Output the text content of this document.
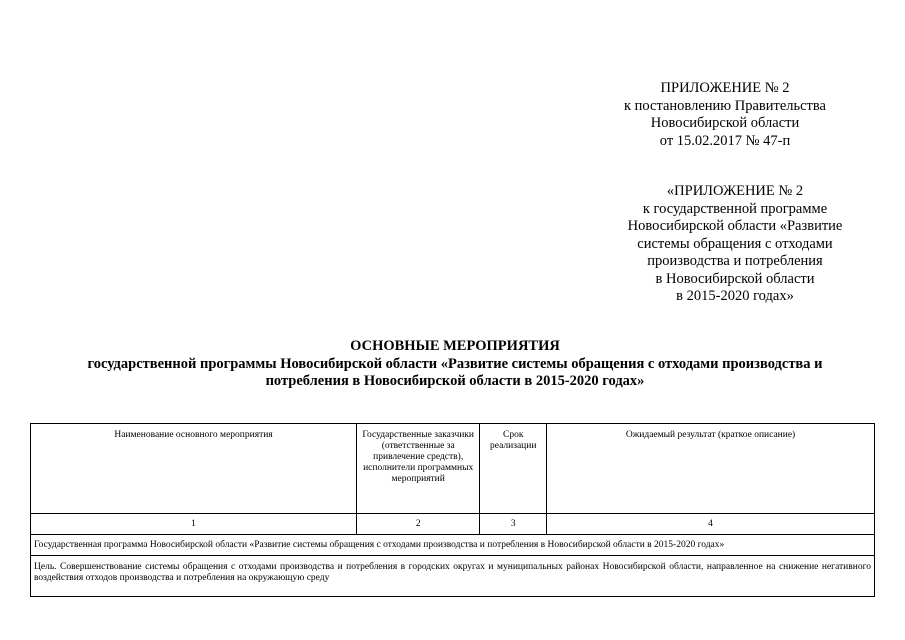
ПРИЛОЖЕНИЕ № 2
к постановлению Правительства
Новосибирской области
от 15.02.2017 № 47-п
«ПРИЛОЖЕНИЕ № 2
к государственной программе
Новосибирской области «Развитие
системы обращения с отходами
производства и потребления
в Новосибирской области
в 2015-2020 годах»
ОСНОВНЫЕ МЕРОПРИЯТИЯ
государственной программы Новосибирской области «Развитие системы обращения с отходами производства и
потребления в Новосибирской области в 2015-2020 годах»
Наименование основного мероприятия	Государственные заказчики (ответственные за привлечение средств), исполнители программных мероприятий	Срок реализации	Ожидаемый результат (краткое описание)
1	2	3	4
Государственная программа Новосибирской области «Развитие системы обращения с отходами производства и потребления в Новосибирской области в 2015-2020 годах»			
Цель. Совершенствование системы обращения с отходами производства и потребления в городских округах и муниципальных районах Новосибирской области, направленное на снижение негативного воздействия отходов производства и потребления на окружающую среду			
